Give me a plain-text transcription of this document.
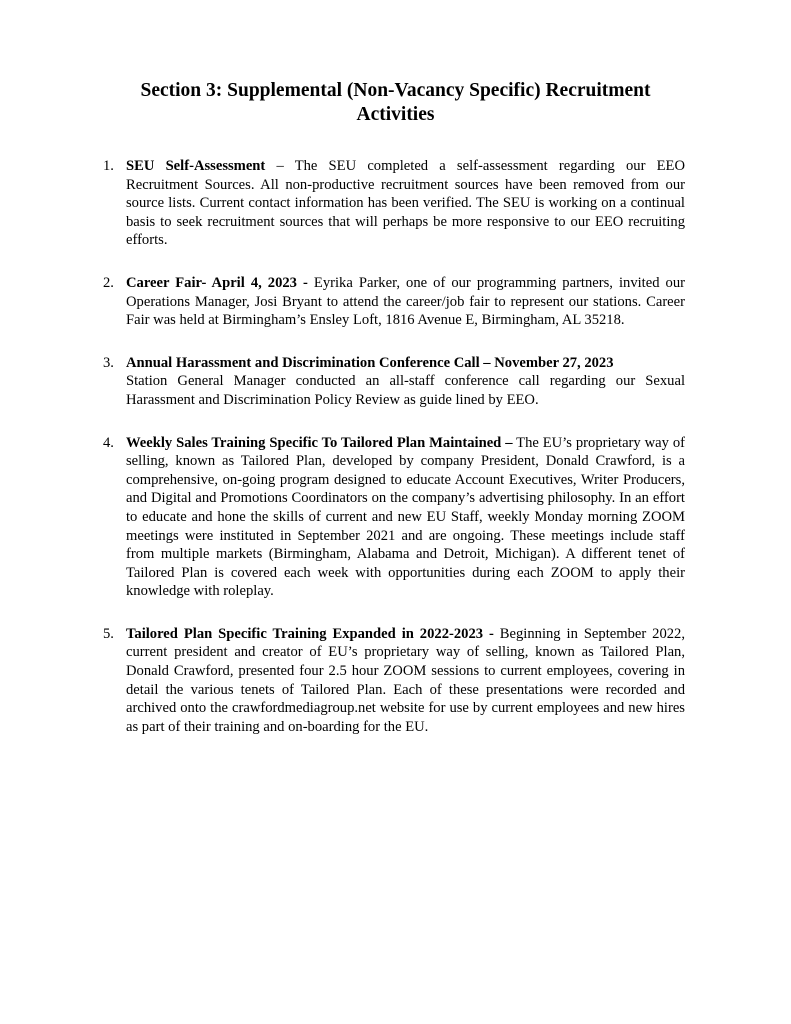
Section 3: Supplemental (Non-Vacancy Specific) Recruitment
Activities
1. SEU Self-Assessment – The SEU completed a self-assessment regarding our EEO Recruitment Sources. All non-productive recruitment sources have been removed from our source lists. Current contact information has been verified. The SEU is working on a continual basis to seek recruitment sources that will perhaps be more responsive to our EEO recruiting efforts.
2. Career Fair- April 4, 2023 - Eyrika Parker, one of our programming partners, invited our Operations Manager, Josi Bryant to attend the career/job fair to represent our stations. Career Fair was held at Birmingham’s Ensley Loft, 1816 Avenue E, Birmingham, AL 35218.
3. Annual Harassment and Discrimination Conference Call – November 27, 2023
Station General Manager conducted an all-staff conference call regarding our Sexual Harassment and Discrimination Policy Review as guide lined by EEO.
4. Weekly Sales Training Specific To Tailored Plan Maintained – The EU’s proprietary way of selling, known as Tailored Plan, developed by company President, Donald Crawford, is a comprehensive, on-going program designed to educate Account Executives, Writer Producers, and Digital and Promotions Coordinators on the company’s advertising philosophy. In an effort to educate and hone the skills of current and new EU Staff, weekly Monday morning ZOOM meetings were instituted in September 2021 and are ongoing. These meetings include staff from multiple markets (Birmingham, Alabama and Detroit, Michigan). A different tenet of Tailored Plan is covered each week with opportunities during each ZOOM to apply their knowledge with roleplay.
5. Tailored Plan Specific Training Expanded in 2022-2023 - Beginning in September 2022, current president and creator of EU’s proprietary way of selling, known as Tailored Plan, Donald Crawford, presented four 2.5 hour ZOOM sessions to current employees, covering in detail the various tenets of Tailored Plan. Each of these presentations were recorded and archived onto the crawfordmediagroup.net website for use by current employees and new hires as part of their training and on-boarding for the EU.
